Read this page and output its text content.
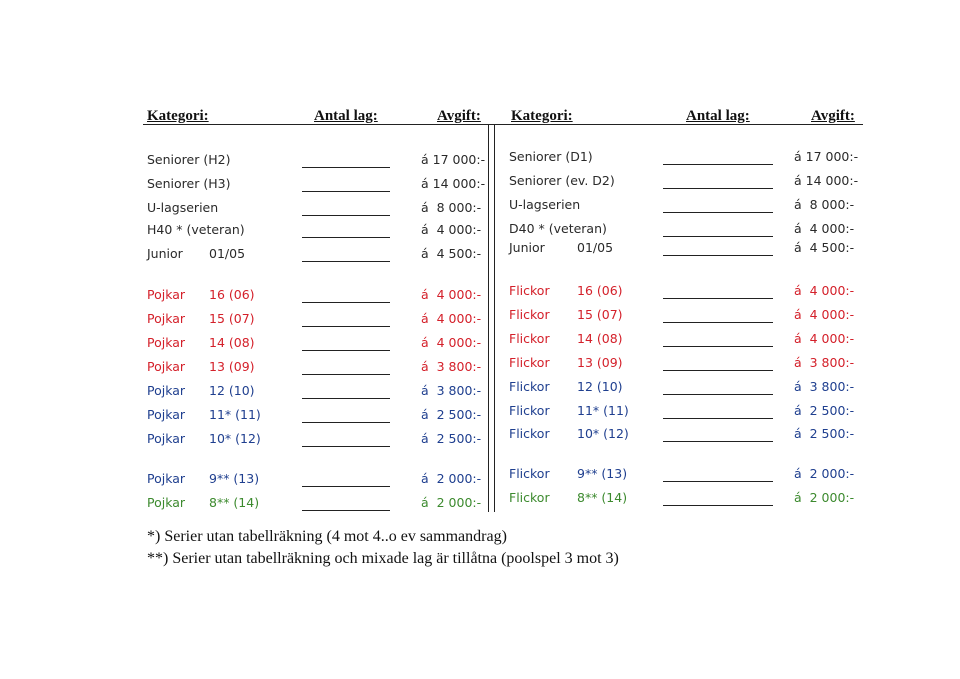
Kategori:	Antal lag:	Avgift: Kategori:	Antal lag:	Avgift:
Seniorer (H2)	á 17 000:-
Seniorer (H3)	á 14 000:-
U-lagserien	á  8 000:-
H40 * (veteran)	á  4 000:-
Junior 01/05	á  4 500:-
Pojkar 16 (06)	á  4 000:-
Pojkar 15 (07)	á  4 000:-
Pojkar 14 (08)	á  4 000:-
Pojkar 13 (09)	á  3 800:-
Pojkar 12 (10)	á  3 800:-
Pojkar 11* (11)	á  2 500:-
Pojkar 10* (12)	á  2 500:-
Pojkar 9** (13)	á  2 000:-
Pojkar 8** (14)	á  2 000:-
Seniorer (D1)	á 17 000:-
Seniorer (ev. D2)	á 14 000:-
U-lagserien	á  8 000:-
D40 * (veteran)	á  4 000:-
Junior	01/05	á  4 500:-
Flickor 16 (06)	á  4 000:-
Flickor 15 (07)	á  4 000:-
Flickor 14 (08)	á  4 000:-
Flickor 13 (09)	á  3 800:-
Flickor 12 (10)	á  3 800:-
Flickor 11* (11)	á  2 500:-
Flickor 10* (12)	á  2 500:-
Flickor 9** (13)	á  2 000:-
Flickor 8** (14)	á  2 000:-
*) Serier utan tabellräkning (4 mot 4..o ev sammandrag)
**) Serier utan tabellräkning och mixade lag är tillåtna (poolspel 3 mot 3)
